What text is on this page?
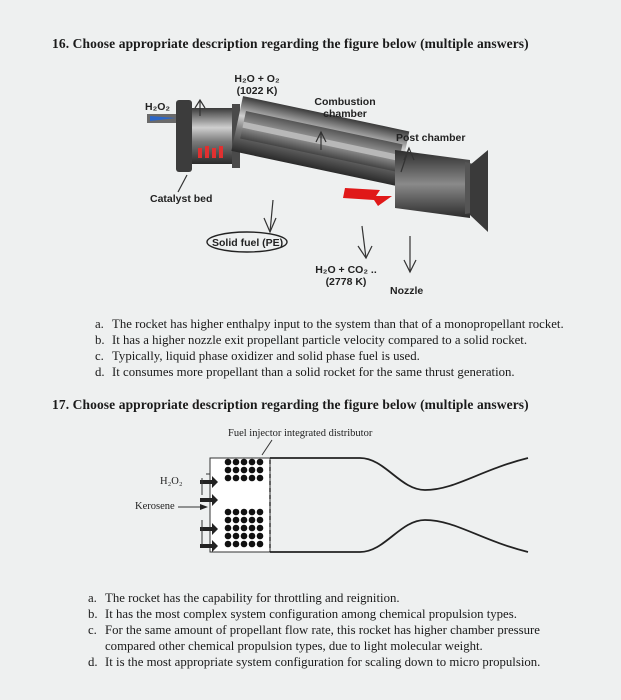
16. Choose appropriate description regarding the figure below (multiple answers)
H₂O + O₂
(1022 K)
H₂O₂	Combustion
chamber
Post chamber
Catalyst bed
Solid fuel (PE)
H₂O + CO₂ ..
(2778 K)
Nozzle
a. The rocket has higher enthalpy input to the system than that of a monopropellant rocket.
b. It has a higher nozzle exit propellant particle velocity compared to a solid rocket.
c. Typically, liquid phase oxidizer and solid phase fuel is used.
d. It consumes more propellant than a solid rocket for the same thrust generation.
17. Choose appropriate description regarding the figure below (multiple answers)
Fuel injector integrated distributor
H₂O₂
Kerosene
a. The rocket has the capability for throttling and reignition.
b. It has the most complex system configuration among chemical propulsion types.
c. For the same amount of propellant flow rate, this rocket has higher chamber pressure compared other chemical propulsion types, due to light molecular weight.
d. It is the most appropriate system configuration for scaling down to micro propulsion.
